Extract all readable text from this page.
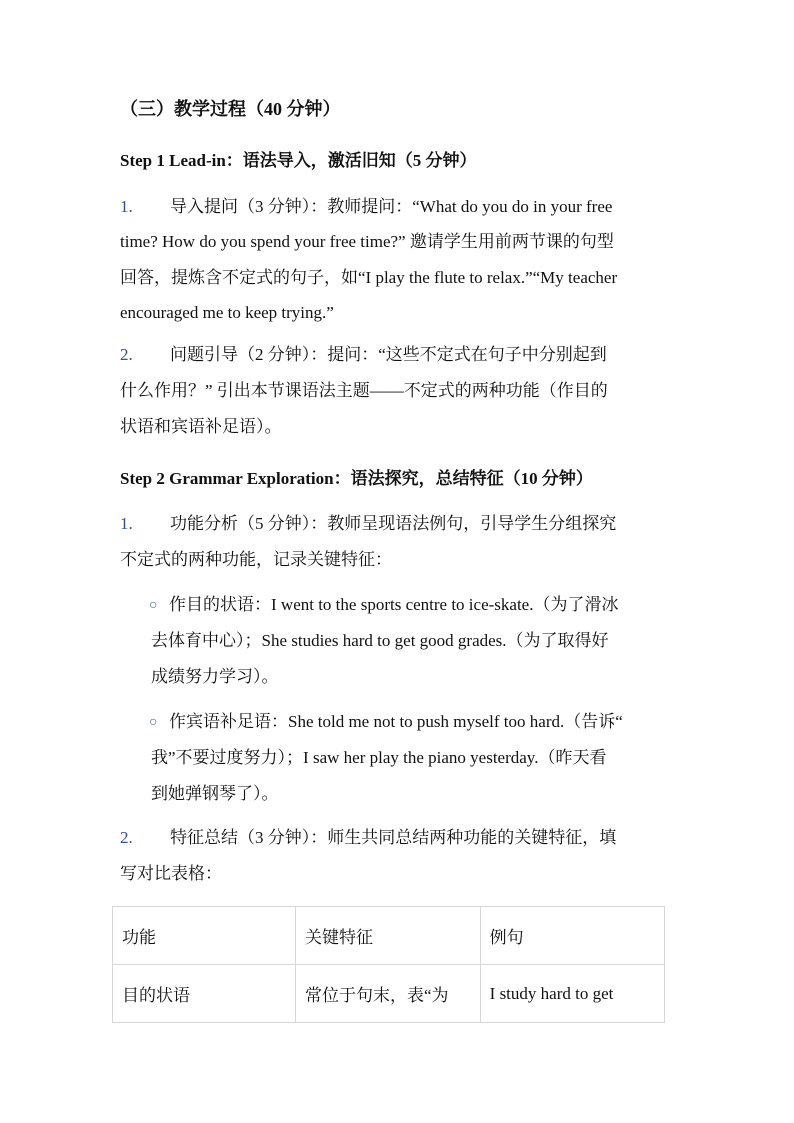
（三）教学过程（40 分钟）
Step 1 Lead-in：语法导入，激活旧知（5 分钟）
1. 导入提问（3 分钟）：教师提问：“What do you do in your free
time? How do you spend your free time?” 邀请学生用前两节课的句型
回答，提炼含不定式的句子，如“I play the flute to relax.”“My teacher
encouraged me to keep trying.”
2. 问题引导（2 分钟）：提问：“这些不定式在句子中分别起到
什么作用？” 引出本节课语法主题——不定式的两种功能（作目的
状语和宾语补足语）。
Step 2 Grammar Exploration：语法探究，总结特征（10 分钟）
1. 功能分析（5 分钟）：教师呈现语法例句，引导学生分组探究
不定式的两种功能，记录关键特征：
○ 作目的状语：I went to the sports centre to ice-skate.（为了滑冰
去体育中心）；She studies hard to get good grades.（为了取得好
成绩努力学习）。
○ 作宾语补足语：She told me not to push myself too hard.（告诉“
我”不要过度努力）；I saw her play the piano yesterday.（昨天看
到她弹钢琴了）。
2. 特征总结（3 分钟）：师生共同总结两种功能的关键特征，填
写对比表格：
功能	关键特征	例句
目的状语	常位于句末，表“为	I study hard to get
